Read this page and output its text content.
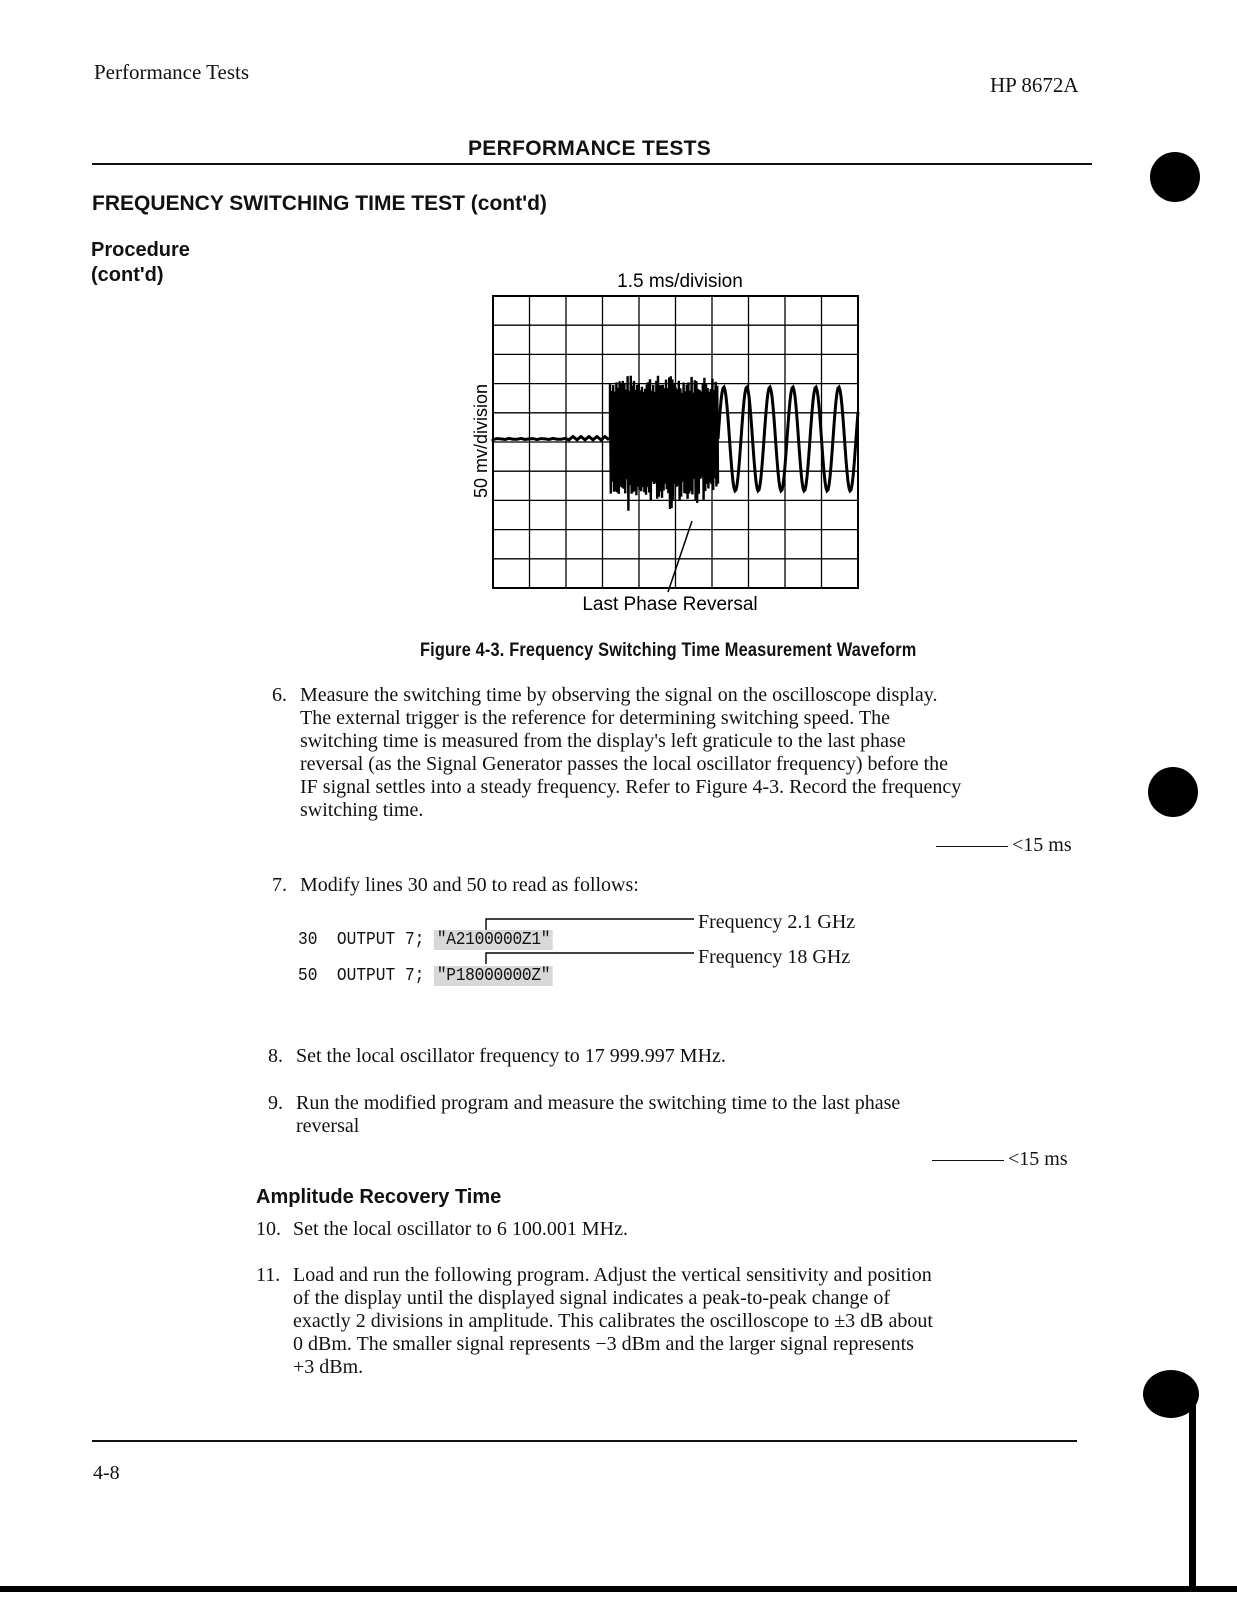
Performance Tests
HP 8672A
PERFORMANCE TESTS
FREQUENCY SWITCHING TIME TEST (cont'd)
Procedure
(cont'd)	1.5 ms/division
50 mv/division
Last Phase Reversal
Figure 4-3. Frequency Switching Time Measurement Waveform
6. Measure the switching time by observing the signal on the oscilloscope display.
The external trigger is the reference for determining switching speed. The
switching time is measured from the display's left graticule to the last phase
reversal (as the Signal Generator passes the local oscillator frequency) before the
IF signal settles into a steady frequency. Refer to Figure 4-3. Record the frequency
switching time.
<15 ms
7. Modify lines 30 and 50 to read as follows:
30 OUTPUT 7; "A2100000Z1"
50 OUTPUT 7; "P18000000Z"
Frequency 2.1 GHz
Frequency 18 GHz
8. Set the local oscillator frequency to 17 999.997 MHz.
9. Run the modified program and measure the switching time to the last phase
reversal
<15 ms
Amplitude Recovery Time
10. Set the local oscillator to 6 100.001 MHz.
11. Load and run the following program. Adjust the vertical sensitivity and position
of the display until the displayed signal indicates a peak-to-peak change of
exactly 2 divisions in amplitude. This calibrates the oscilloscope to ±3 dB about
0 dBm. The smaller signal represents −3 dBm and the larger signal represents
+3 dBm.
4-8
